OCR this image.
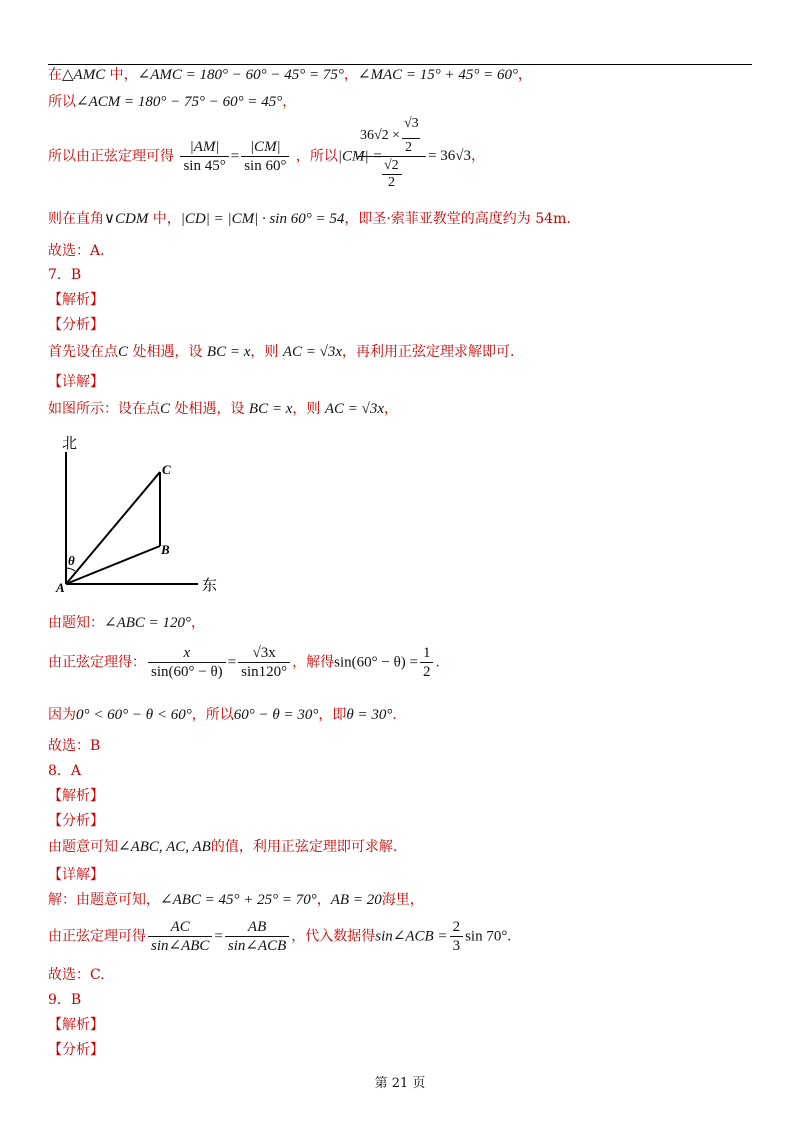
在△AMC 中，∠AMC = 180° − 60° − 45° = 75°，∠MAC = 15° + 45° = 60°，
所以∠ACM = 180° − 75° − 60° = 45°，
所以由正弦定理可得 $\frac{|AM|}{\sin 45^\circ} = \frac{|CM|}{\sin 60^\circ}$ ，所以|CM| =
√3
36√2 ×
2
√2
2
= 36√3，
则在直角∨CDM 中，|CD| = |CM| · sin 60° = 54，即圣·索菲亚教堂的高度约为 54m.
故选：A.
7．B
【解析】
【分析】
首先设在点C 处相遇，设 BC = x，则 AC = √3x，再利用正弦定理求解即可.
【详解】
如图所示：设在点C 处相遇，设 BC = x，则 AC = √3x，
北
东
A
B
C
θ
由题知：∠ABC = 120°，
由正弦定理得： $\frac{x}{\sin(60^\circ - \theta)} = \frac{√3x}{\sin 120^\circ}$ ，解得$\sin(60^\circ - \theta) = \frac{1}{2}$ .
因为0° < 60° − θ < 60°，所以60° − θ = 30°，即θ = 30°.
故选：B
8．A
【解析】
【分析】
由题意可知∠ABC, AC, AB的值，利用正弦定理即可求解.
【详解】
解：由题意可知，∠ABC = 45° + 25° = 70°，AB = 20海里，
由正弦定理可得 $\frac{AC}{\text{sin∠ABC}} = \frac{AB}{\text{sin∠ACB}}$ ，代入数据得sin∠ACB = $\frac{2}{3}$ sin 70°.
故选：C.
9．B
【解析】
【分析】
第 21 页
